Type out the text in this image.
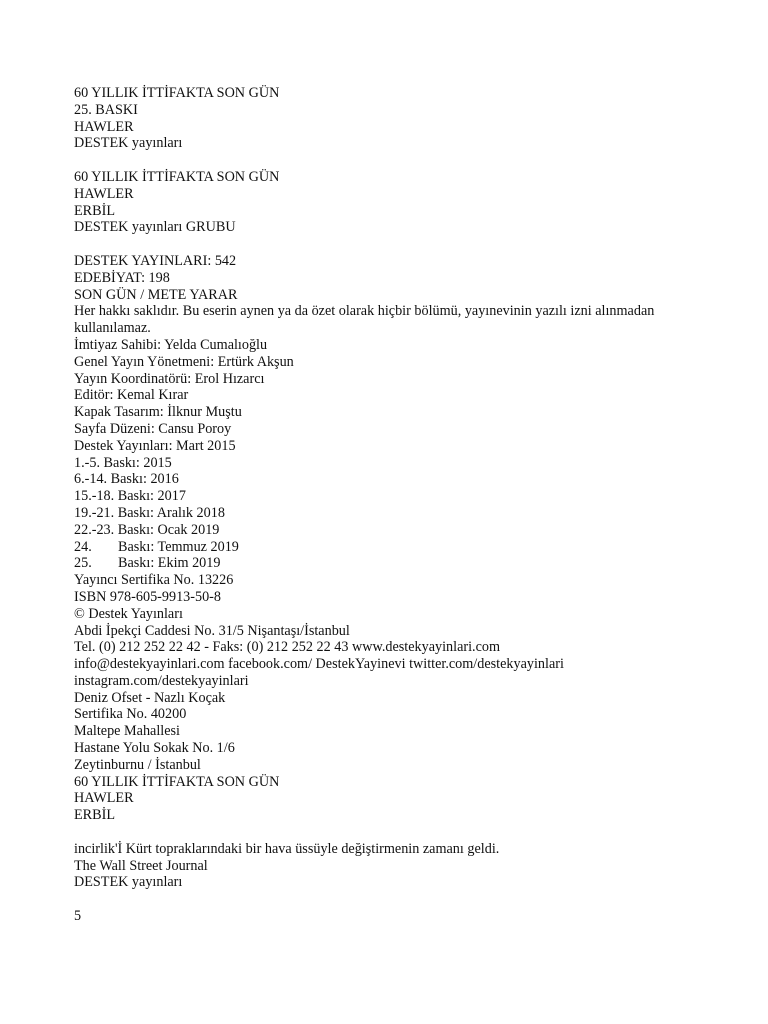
60 YILLIK İTTİFAKTA SON GÜN
25. BASKI
HAWLER
DESTEK yayınları
60 YILLIK İTTİFAKTA SON GÜN
HAWLER
ERBİL
DESTEK yayınları GRUBU
DESTEK YAYINLARI: 542
EDEBİYAT: 198
SON GÜN / METE YARAR
Her hakkı saklıdır. Bu eserin aynen ya da özet olarak hiçbir bölümü, yayınevinin yazılı izni alınmadan kullanılamaz.
İmtiyaz Sahibi: Yelda Cumalıoğlu
Genel Yayın Yönetmeni: Ertürk Akşun
Yayın Koordinatörü: Erol Hızarcı
Editör: Kemal Kırar
Kapak Tasarım: İlknur Muştu
Sayfa Düzeni: Cansu Poroy
Destek Yayınları: Mart 2015
1.-5. Baskı: 2015
6.-14. Baskı: 2016
15.-18. Baskı: 2017
19.-21. Baskı: Aralık 2018
22.-23. Baskı: Ocak 2019
24. Baskı: Temmuz 2019
25. Baskı: Ekim 2019
Yayıncı Sertifika No. 13226
ISBN 978-605-9913-50-8
© Destek Yayınları
Abdi İpekçi Caddesi No. 31/5 Nişantaşı/İstanbul
Tel. (0) 212 252 22 42 - Faks: (0) 212 252 22 43 www.destekyayinlari.com
info@destekyayinlari.com facebook.com/ DestekYayinevi twitter.com/destekyayinlari
instagram.com/destekyayinlari
Deniz Ofset - Nazlı Koçak
Sertifika No. 40200
Maltepe Mahallesi
Hastane Yolu Sokak No. 1/6
Zeytinburnu / İstanbul
60 YILLIK İTTİFAKTA SON GÜN
HAWLER
ERBİL
incirlik'İ Kürt topraklarındaki bir hava üssüyle değiştirmenin zamanı geldi.
The Wall Street Journal
DESTEK yayınları
5
